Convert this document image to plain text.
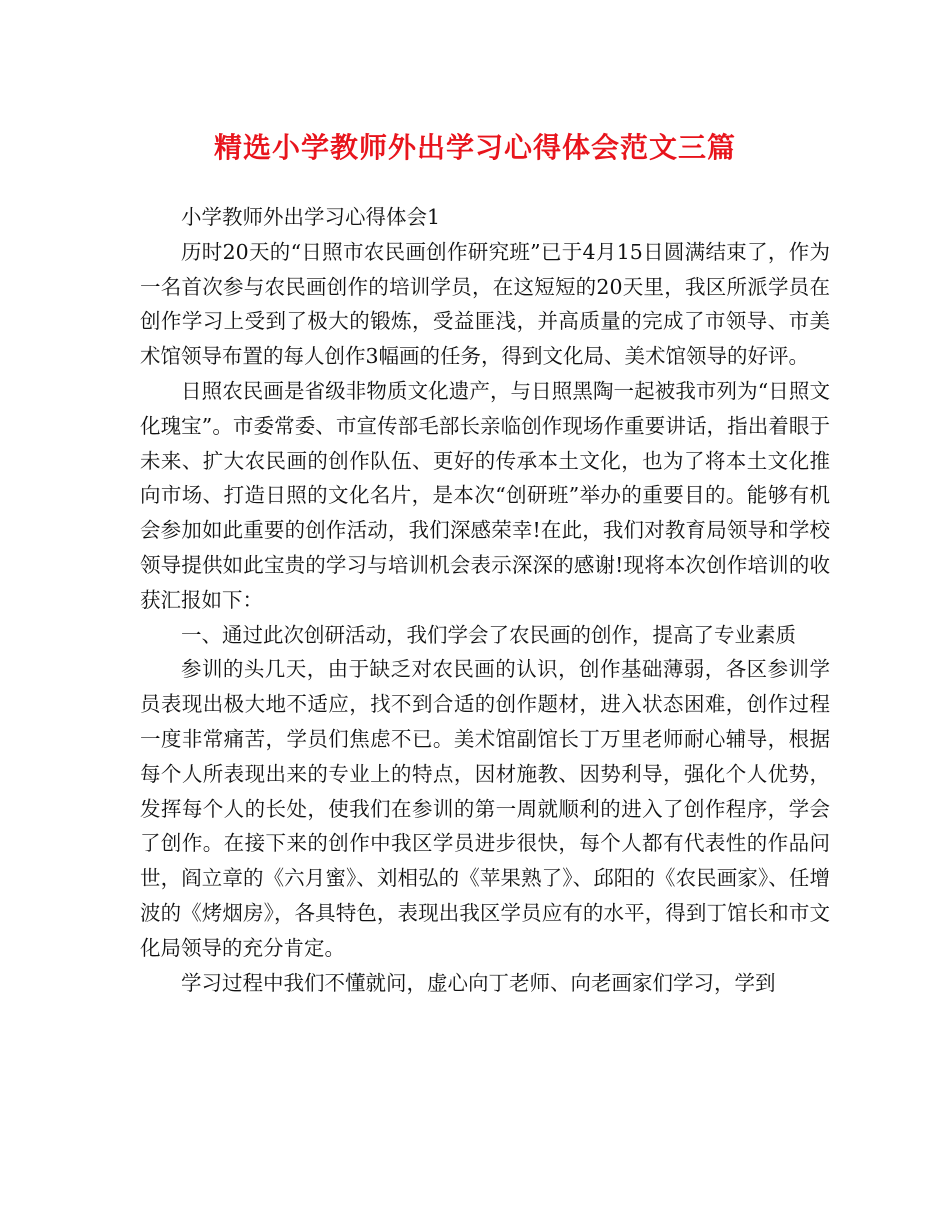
精选小学教师外出学习心得体会范文三篇

小学教师外出学习心得体会1

历时20天的“日照市农民画创作研究班”已于4月15日圆满结束了，作为一名首次参与农民画创作的培训学员，在这短短的20天里，我区所派学员在创作学习上受到了极大的锻炼，受益匪浅，并高质量的完成了市领导、市美术馆领导布置的每人创作3幅画的任务，得到文化局、美术馆领导的好评。

日照农民画是省级非物质文化遗产，与日照黑陶一起被我市列为“日照文化瑰宝”。市委常委、市宣传部毛部长亲临创作现场作重要讲话，指出着眼于未来、扩大农民画的创作队伍、更好的传承本土文化，也为了将本土文化推向市场、打造日照的文化名片，是本次“创研班”举办的重要目的。能够有机会参加如此重要的创作活动，我们深感荣幸!在此，我们对教育局领导和学校领导提供如此宝贵的学习与培训机会表示深深的感谢!现将本次创作培训的收获汇报如下：

一、通过此次创研活动，我们学会了农民画的创作，提高了专业素质

参训的头几天，由于缺乏对农民画的认识，创作基础薄弱，各区参训学员表现出极大地不适应，找不到合适的创作题材，进入状态困难，创作过程一度非常痛苦，学员们焦虑不已。美术馆副馆长丁万里老师耐心辅导，根据每个人所表现出来的专业上的特点，因材施教、因势利导，强化个人优势，发挥每个人的长处，使我们在参训的第一周就顺利的进入了创作程序，学会了创作。在接下来的创作中我区学员进步很快，每个人都有代表性的作品问世，阎立章的《六月蜜》、刘相弘的《苹果熟了》、邱阳的《农民画家》、任增波的《烤烟房》，各具特色，表现出我区学员应有的水平，得到丁馆长和市文化局领导的充分肯定。

学习过程中我们不懂就问，虚心向丁老师、向老画家们学习，学到
